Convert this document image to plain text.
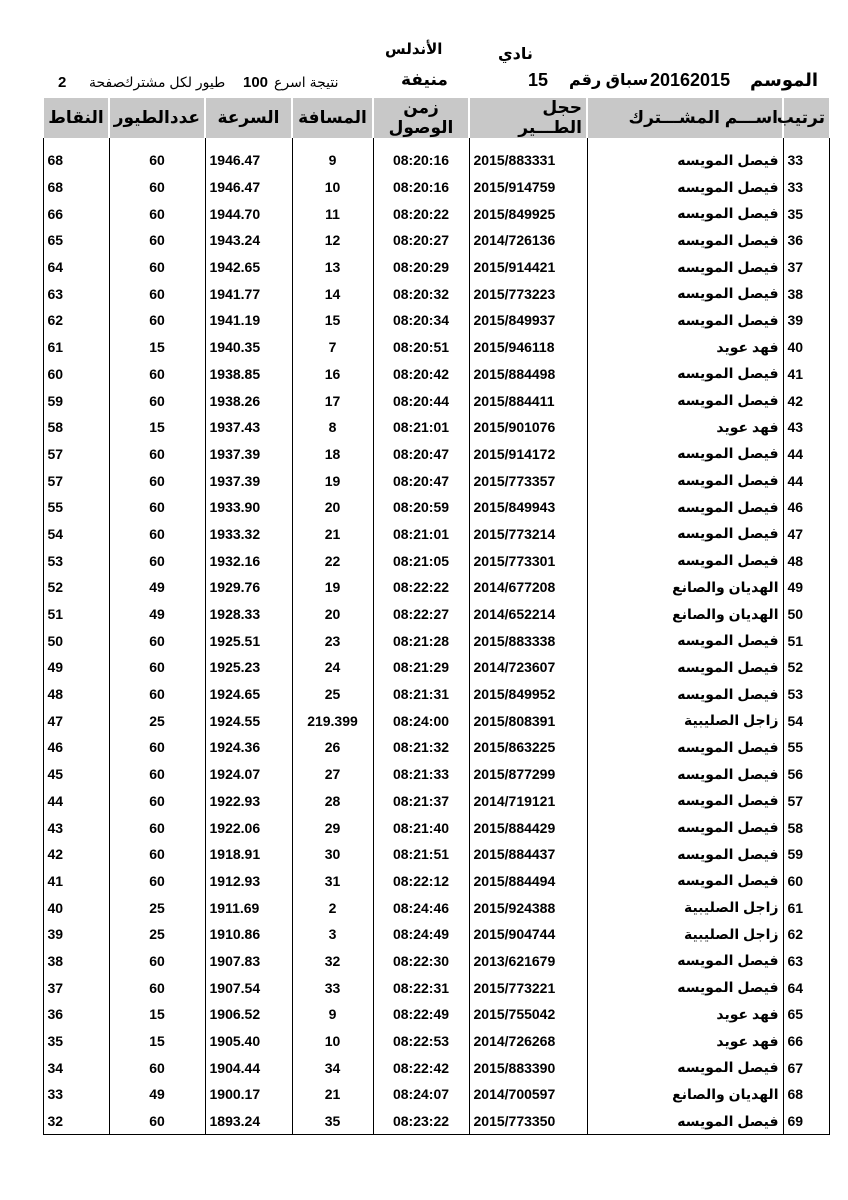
نادي
الأندلس
منيفة	الموسم
20162015
سباق رقم
15
نتيجة اسرع
100
طيور لكل مشترك
صفحة
2
ترتيب	اســـم المشـــترك	حجل الطـــير	زمن الوصول	المسافة	السرعة	عددالطيور	النقاط

33	فيصل المويسه	2015/883331	08:20:16	9	1946.47	60	68
33	فيصل المويسه	2015/914759	08:20:16	10	1946.47	60	68
35	فيصل المويسه	2015/849925	08:20:22	11	1944.70	60	66
36	فيصل المويسه	2014/726136	08:20:27	12	1943.24	60	65
37	فيصل المويسه	2015/914421	08:20:29	13	1942.65	60	64
38	فيصل المويسه	2015/773223	08:20:32	14	1941.77	60	63
39	فيصل المويسه	2015/849937	08:20:34	15	1941.19	60	62
40	فهد عويد	2015/946118	08:20:51	7	1940.35	15	61
41	فيصل المويسه	2015/884498	08:20:42	16	1938.85	60	60
42	فيصل المويسه	2015/884411	08:20:44	17	1938.26	60	59
43	فهد عويد	2015/901076	08:21:01	8	1937.43	15	58
44	فيصل المويسه	2015/914172	08:20:47	18	1937.39	60	57
44	فيصل المويسه	2015/773357	08:20:47	19	1937.39	60	57
46	فيصل المويسه	2015/849943	08:20:59	20	1933.90	60	55
47	فيصل المويسه	2015/773214	08:21:01	21	1933.32	60	54
48	فيصل المويسه	2015/773301	08:21:05	22	1932.16	60	53
49	الهديان والصانع	2014/677208	08:22:22	19	1929.76	49	52
50	الهديان والصانع	2014/652214	08:22:27	20	1928.33	49	51
51	فيصل المويسه	2015/883338	08:21:28	23	1925.51	60	50
52	فيصل المويسه	2014/723607	08:21:29	24	1925.23	60	49
53	فيصل المويسه	2015/849952	08:21:31	25	1924.65	60	48
54	زاجل الصليبية	2015/808391	08:24:00	219.399	1924.55	25	47
55	فيصل المويسه	2015/863225	08:21:32	26	1924.36	60	46
56	فيصل المويسه	2015/877299	08:21:33	27	1924.07	60	45
57	فيصل المويسه	2014/719121	08:21:37	28	1922.93	60	44
58	فيصل المويسه	2015/884429	08:21:40	29	1922.06	60	43
59	فيصل المويسه	2015/884437	08:21:51	30	1918.91	60	42
60	فيصل المويسه	2015/884494	08:22:12	31	1912.93	60	41
61	زاجل الصليبية	2015/924388	08:24:46	2	1911.69	25	40
62	زاجل الصليبية	2015/904744	08:24:49	3	1910.86	25	39
63	فيصل المويسه	2013/621679	08:22:30	32	1907.83	60	38
64	فيصل المويسه	2015/773221	08:22:31	33	1907.54	60	37
65	فهد عويد	2015/755042	08:22:49	9	1906.52	15	36
66	فهد عويد	2014/726268	08:22:53	10	1905.40	15	35
67	فيصل المويسه	2015/883390	08:22:42	34	1904.44	60	34
68	الهديان والصانع	2014/700597	08:24:07	21	1900.17	49	33
69	فيصل المويسه	2015/773350	08:23:22	35	1893.24	60	32
